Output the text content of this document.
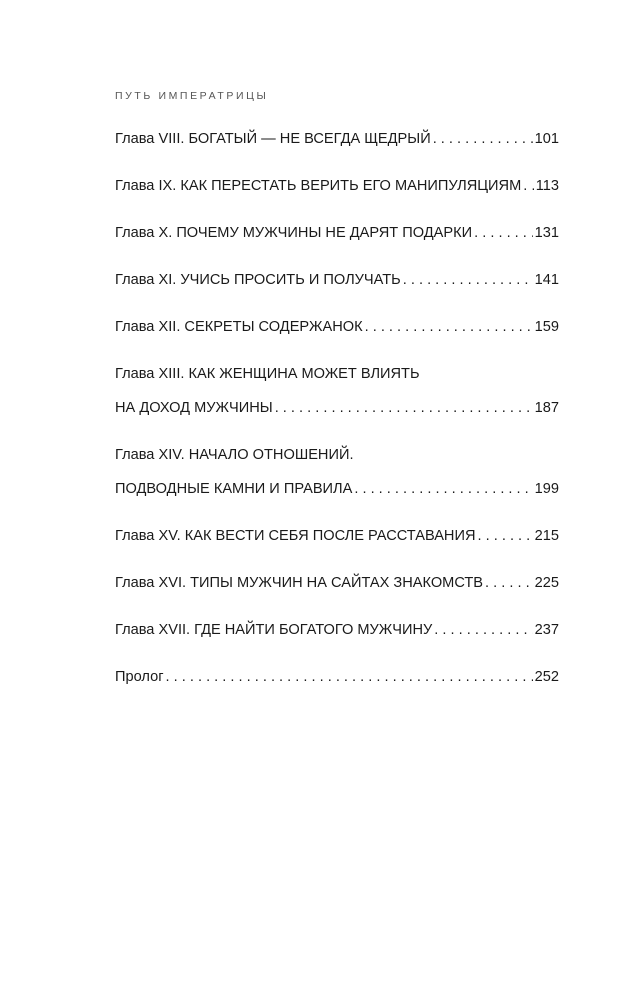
ПУТЬ ИМПЕРАТРИЦЫ
Глава VIII. БОГАТЫЙ — НЕ ВСЕГДА ЩЕДРЫЙ . . .	101
Глава IX. КАК ПЕРЕСТАТЬ ВЕРИТЬ ЕГО МАНИПУЛЯЦИЯМ . . . 113
Глава X. ПОЧЕМУ МУЖЧИНЫ НЕ ДАРЯТ ПОДАРКИ . . .	131
Глава XI. УЧИСЬ ПРОСИТЬ И ПОЛУЧАТЬ . . .	141
Глава XII. СЕКРЕТЫ СОДЕРЖАНОК . . .	159
Глава XIII. КАК ЖЕНЩИНА МОЖЕТ ВЛИЯТЬ
НА ДОХОД МУЖЧИНЫ . . .	187
Глава XIV. НАЧАЛО ОТНОШЕНИЙ.
ПОДВОДНЫЕ КАМНИ И ПРАВИЛА . . .	199
Глава XV. КАК ВЕСТИ СЕБЯ ПОСЛЕ РАССТАВАНИЯ . . .	215
Глава XVI. ТИПЫ МУЖЧИН НА САЙТАХ ЗНАКОМСТВ . . .	225
Глава XVII. ГДЕ НАЙТИ БОГАТОГО МУЖЧИНУ . . .	237
Пролог . . .	252
